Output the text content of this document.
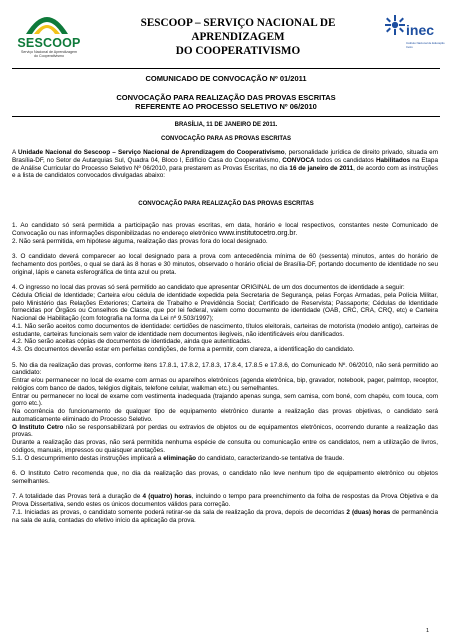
SESCOOP
Serviço Nacional de Aprendizagem
do Cooperativismo
SESCOOP – SERVIÇO NACIONAL DE APRENDIZAGEM
DO COOPERATIVISMO
inec
Instituto Nacional de Educação Cetro
COMUNICADO DE CONVOCAÇÃO Nº 01/2011
CONVOCAÇÃO PARA REALIZAÇÃO DAS PROVAS ESCRITAS
REFERENTE AO PROCESSO SELETIVO Nº 06/2010
BRASÍLIA, 11 DE JANEIRO DE 2011.
CONVOCAÇÃO PARA AS PROVAS ESCRITAS

A Unidade Nacional do Sescoop – Serviço Nacional de Aprendizagem do Cooperativismo, personalidade jurídica de direito privado, situada em Brasília-DF, no Setor de Autarquias Sul, Quadra 04, Bloco I, Edifício Casa do Cooperativismo, CONVOCA todos os candidatos Habilitados na Etapa de Análise Curricular do Processo Seletivo Nº 06/2010, para prestarem as Provas Escritas, no dia 16 de janeiro de 2011, de acordo com as instruções e a lista de candidatos convocados divulgadas abaixo:

CONVOCAÇÃO PARA REALIZAÇÃO DAS PROVAS ESCRITAS

1. Ao candidato só será permitida a participação nas provas escritas, em data, horário e local respectivos, constantes neste Comunicado de Convocação ou nas informações disponibilizadas no endereço eletrônico www.institutocetro.org.br.

2. Não será permitida, em hipótese alguma, realização das provas fora do local designado.

3. O candidato deverá comparecer ao local designado para a prova com antecedência mínima de 60 (sessenta) minutos, antes do horário de fechamento dos portões, o qual se dará às 8 horas e 30 minutos, observado o horário oficial de Brasília-DF, portando documento de identidade no seu original, lápis e caneta esferográfica de tinta azul ou preta.

4. O ingresso no local das provas só será permitido ao candidato que apresentar ORIGINAL de um dos documentos de identidade a seguir:

Cédula Oficial de Identidade; Carteira e/ou cédula de identidade expedida pela Secretaria de Segurança, pelas Forças Armadas, pela Polícia Militar, pelo Ministério das Relações Exteriores; Carteira de Trabalho e Previdência Social; Certificado de Reservista; Passaporte; Cédulas de Identidade fornecidas por Órgãos ou Conselhos de Classe, que por lei federal, valem como documento de identidade (OAB, CRC, CRA, CRQ, etc) e Carteira Nacional de Habilitação (com fotografia na forma da Lei nº 9.503/1997);

4.1. Não serão aceitos como documentos de identidade: certidões de nascimento, títulos eleitorais, carteiras de motorista (modelo antigo), carteiras de estudante, carteiras funcionais sem valor de identidade nem documentos ilegíveis, não identificáveis e/ou danificados.

4.2. Não serão aceitas cópias de documentos de identidade, ainda que autenticadas.

4.3. Os documentos deverão estar em perfeitas condições, de forma a permitir, com clareza, a identificação do candidato.

5. No dia da realização das provas, conforme itens 17.8.1, 17.8.2, 17.8.3, 17.8.4, 17.8.5 e 17.8.6, do Comunicado Nº. 06/2010, não será permitido ao candidato:

Entrar e/ou permanecer no local de exame com armas ou aparelhos eletrônicos (agenda eletrônica, bip, gravador, notebook, pager, palmtop, receptor, relógios com banco de dados, telégios digitais, telefone celular, walkman etc.) ou semelhantes.

Entrar ou permanecer no local de exame com vestimenta inadequada (trajando apenas sunga, sem camisa, com boné, com chapéu, com touca, com gorro etc.).

Na ocorrência do funcionamento de qualquer tipo de equipamento eletrônico durante a realização das provas objetivas, o candidato será automaticamente eliminado do Processo Seletivo.

O Instituto Cetro não se responsabilizará por perdas ou extravios de objetos ou de equipamentos eletrônicos, ocorrendo durante a realização das provas.

Durante a realização das provas, não será permitida nenhuma espécie de consulta ou comunicação entre os candidatos, nem a utilização de livros, códigos, manuais, impressos ou quaisquer anotações.

5.1. O descumprimento destas instruções implicará a eliminação do candidato, caracterizando-se tentativa de fraude.

6. O Instituto Cetro recomenda que, no dia da realização das provas, o candidato não leve nenhum tipo de equipamento eletrônico ou objetos semelhantes.

7. A totalidade das Provas terá a duração de 4 (quatro) horas, incluindo o tempo para preenchimento da folha de respostas da Prova Objetiva e da Prova Dissertativa, sendo estes os únicos documentos válidos para correção.

7.1. Iniciadas as provas, o candidato somente poderá retirar-se da sala de realização da prova, depois de decorridas 2 (duas) horas de permanência na sala de aula, contadas do efetivo início da aplicação da prova.

1
